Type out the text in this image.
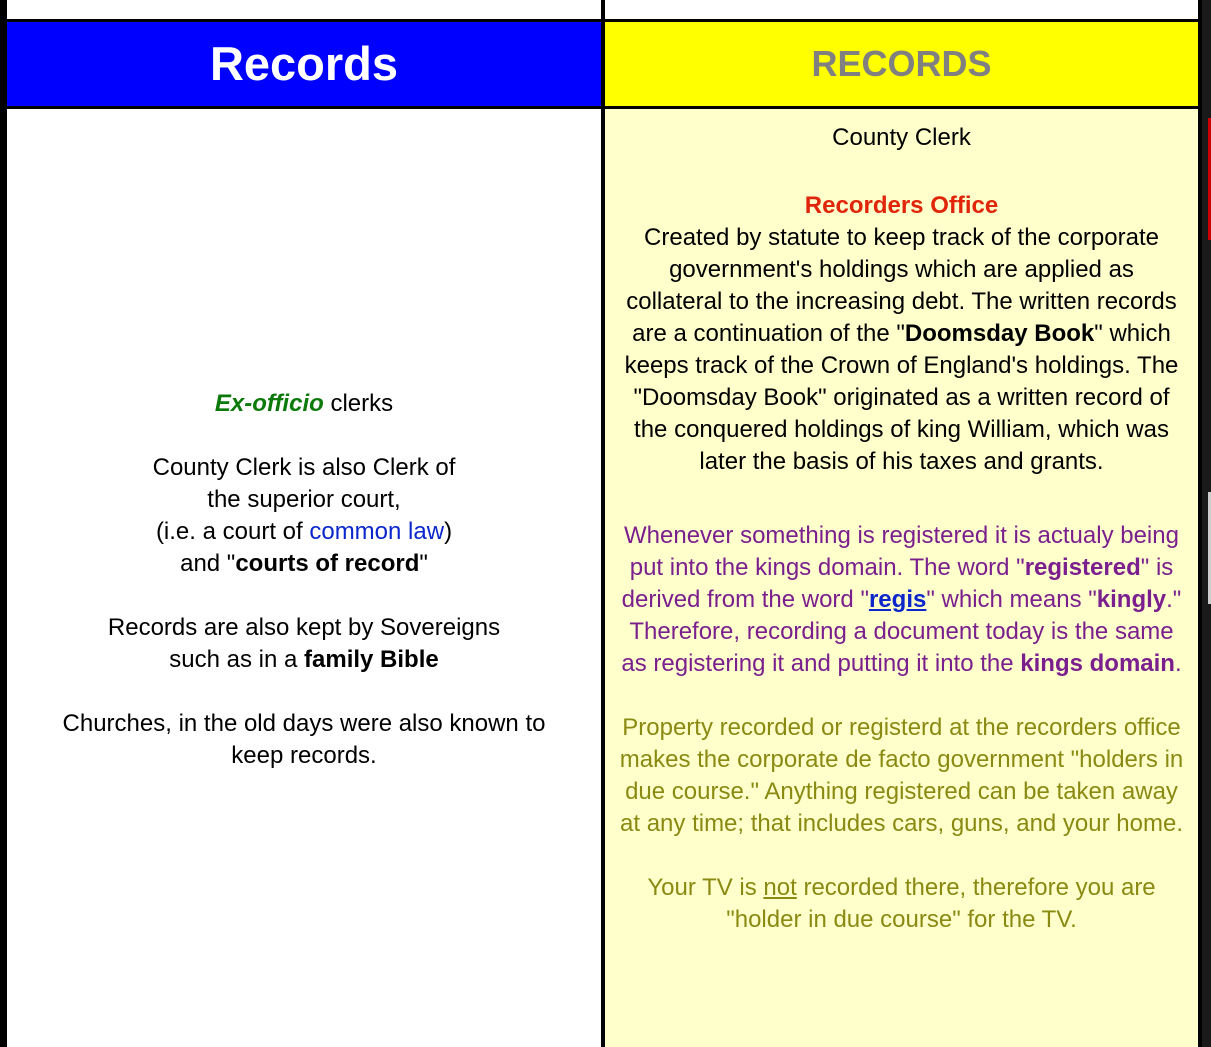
Records	RECORDS

Ex-officio clerks

County Clerk is also Clerk of

the superior court,

(i.e. a court of common law)

and "courts of record"

Records are also kept by Sovereigns

such as in a family Bible

Churches, in the old days were also known to

keep records.

County Clerk

Recorders Office

Created by statute to keep track of the corporate government's holdings which are applied as collateral to the increasing debt. The written records are a continuation of the "Doomsday Book" which keeps track of the Crown of England's holdings. The "Doomsday Book" originated as a written record of the conquered holdings of king William, which was later the basis of his taxes and grants.

Whenever something is registered it is actualy being put into the kings domain. The word "registered" is derived from the word "regis" which means "kingly." Therefore, recording a document today is the same as registering it and putting it into the kings domain.

Property recorded or registerd at the recorders office makes the corporate de facto government "holders in due course." Anything registered can be taken away at any time; that includes cars, guns, and your home.

Your TV is not recorded there, therefore you are "holder in due course" for the TV.
